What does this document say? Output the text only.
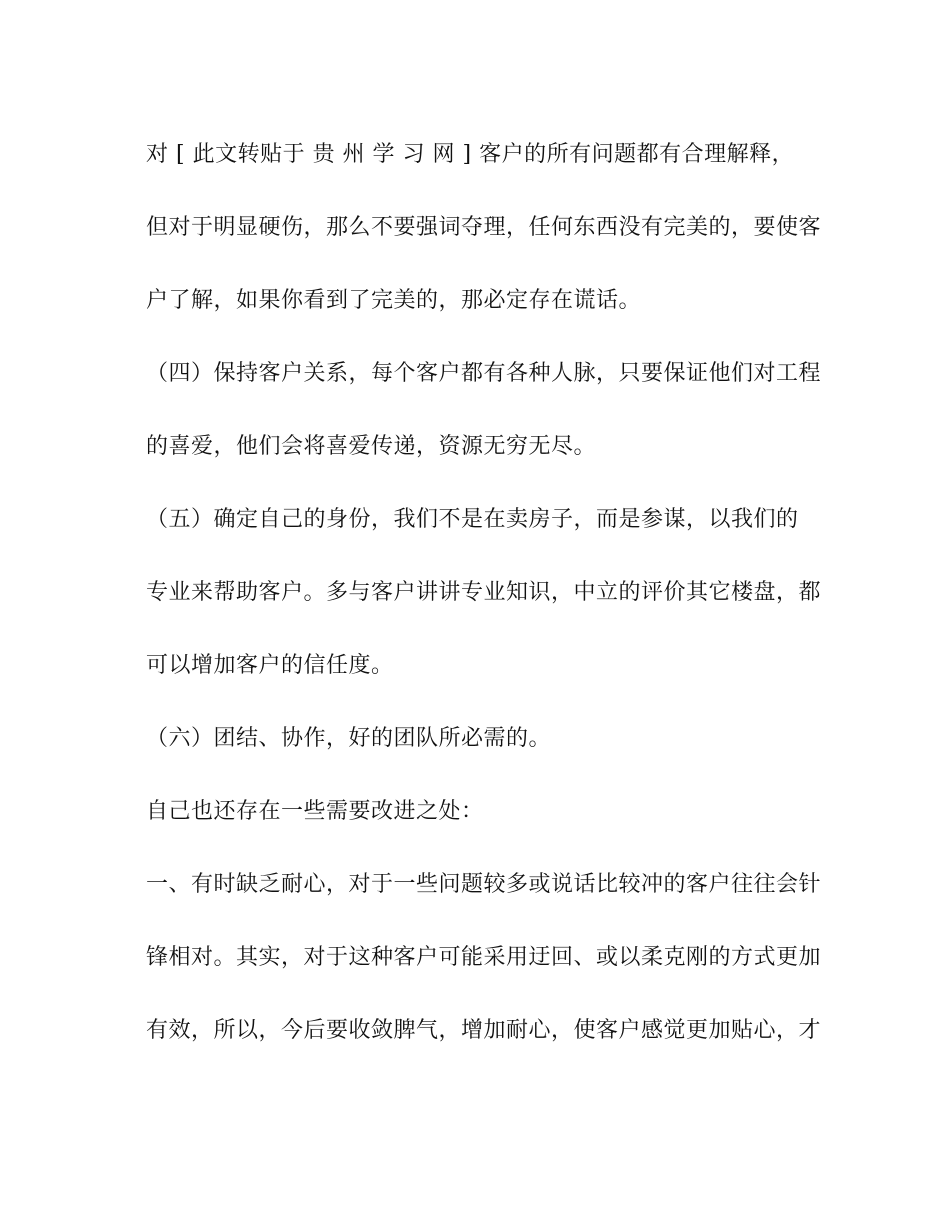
对 [ 此文转贴于 贵 州 学 习 网 ] 客户的所有问题都有合理解释，
但对于明显硬伤，那么不要强词夺理，任何东西没有完美的，要使客
户了解，如果你看到了完美的，那必定存在谎话。
（四）保持客户关系，每个客户都有各种人脉，只要保证他们对工程
的喜爱，他们会将喜爱传递，资源无穷无尽。
（五）确定自己的身份，我们不是在卖房子，而是参谋，以我们的
专业来帮助客户。多与客户讲讲专业知识，中立的评价其它楼盘，都
可以增加客户的信任度。
（六）团结、协作，好的团队所必需的。
自己也还存在一些需要改进之处：
一、有时缺乏耐心，对于一些问题较多或说话比较冲的客户往往会针
锋相对。其实，对于这种客户可能采用迂回、或以柔克刚的方式更加
有效，所以，今后要收敛脾气，增加耐心，使客户感觉更加贴心，才
